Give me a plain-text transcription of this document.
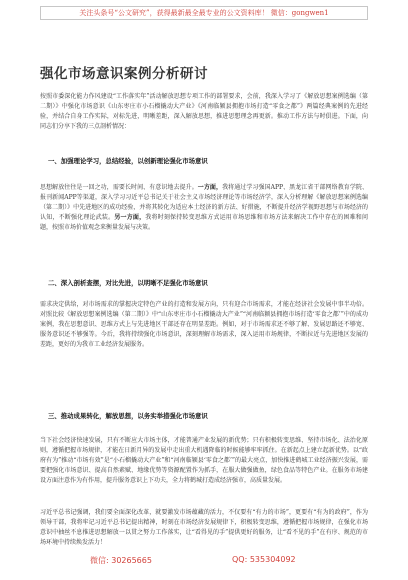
关注头条号“公文研究”，获得最新最全最专业的公文资料库！ 微信：gongwen1
强化市场意识案例分析研讨
按照市委深化能力作风建设“工作落实年”活动解放思想专项工作的部署要求，会前，我深入学习了《解放思想案例选编（第二期）》中强化市场意识《山东枣庄市小石榴撬动大产业》《河南临颍县拥抱市场打造“零食之都”》两篇经典案例的先进经验，并结合自身工作实际，对标先进，明晰差距，深入解放思想，推进思想理念再更新。推动工作方法与时俱进。下面，向同志们分享下我的三点剖析情况：
一、加强理论学习，总结经验，以创新理论强化市场意识
思想解放往往是一回之功，需要长时间、有意识地去提升。一方面，我将通过学习强国APP、黑龙江省干部网络教育学院、报刊新闻APP等渠道，深入学习习近平总书记关于社会主义市场经济理论等市场经济学，深入分析理解《解放思想案例选编（第二期）》中先进地区的成功经验，并将其转化为适应本土经济的新方法、好措施，不断提升经济学视野思想与市场经济的认知，不断强化理论武装。另一方面，我将时刻保持转变思维方式运用市场思维和市场方法来解决工作中存在的困难和问题，按照市场价值观念来衡量发展与决策。
二、深入剖析查摆，对比先进，以明晰不足强化市场意识
需求决定供给，对市场需求的掌握决定特色产业的打造和发展方向，只有迎合市场需求，才能在经济社会发展中事半功倍。对照比较《解放思想案例选编（第二期）》中“山东枣庄市小石榴撬动大产业”“河南临颍县拥抱市场打造‘零食之都’”中的成功案例，我在思想意识、思维方式上与先进地区干部还存在明显差距。例如，对于市场需求还不够了解、发展思路还不够宽、服务意识还不够强等。今后，我将持续强化市场意识，深刻理解市场需求，深入运用市场规律，不断拉近与先进地区发展的差距，更好的为我市工业经济发展服务。
三、推动成果转化，解放思想，以务实举措强化市场意识
当下社会经济快速发展，只有不断应大市场主体，才能普通产业发展的新优势；只有积极转变思维、坚持市场化、法治化原则，遵循把握市场规律，才能在日新月异的发展中走出重大机遇降临的时候能够牢牢抓住。在新起点上建立起新优势。以“政府有为”推动“市场有效”是“小石榴撬动大产业”和“河南临颍县‘零食之都’”的最大亮点，加快推进鹤城工业经济振兴发展，需要把强化市场意识、提高自然素赋、地缘优势等资源配置作为抓手，在服大做强做鱼，绿色食品等特色产业。在服务市场建设方面注意作为有作用，提升服务意识上下功夫，全力将鹤城打造成经济强市，高质量发展。
习近平总书记强调，我们要全面深化改革，就要激发市场蕴藏的活力，不仅要有“有力的市场”，更要有“有为的政府”，作为领导干部，我将牢记习近平总书记提出精神，时刻在市场经济发展规律下，积极转变思维，遵循把握市场规律，在强化市场意识中抽丝不息推进思想解放一以贯之努力工作落实，让“看得见的手”提供更好的服务，让“看不见的手”在有序、规范的市场环境中持续焕发活力！
微信: 30265665	QQ: 535304092
